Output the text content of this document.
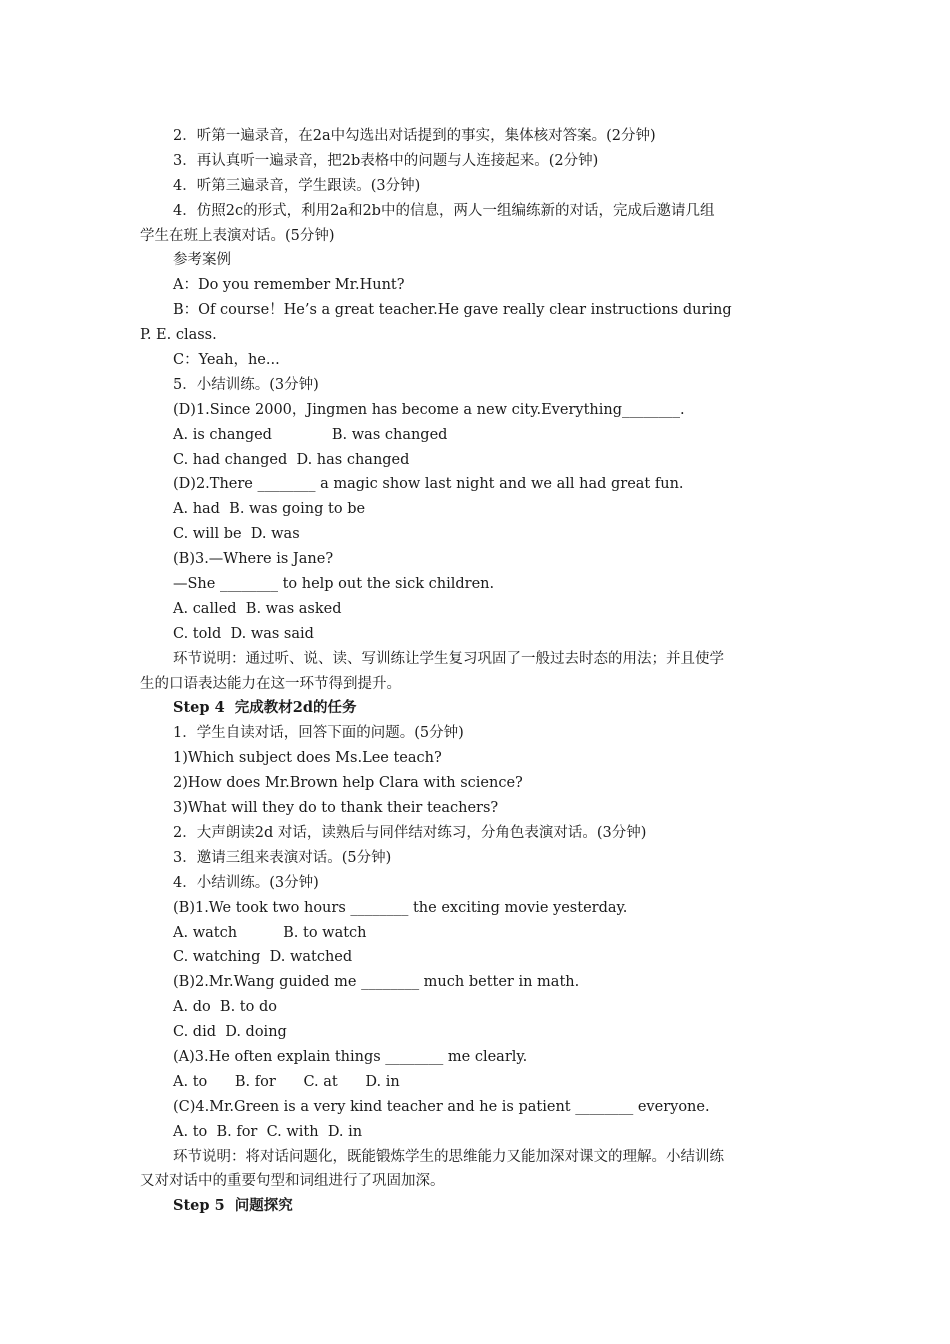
2．听第一遍录音，在2a中勾选出对话提到的事实，集体核对答案。(2分钟)
3．再认真听一遍录音，把2b表格中的问题与人连接起来。(2分钟)
4．听第三遍录音，学生跟读。(3分钟)
4．仿照2c的形式，利用2a和2b中的信息，两人一组编练新的对话，完成后邀请几组
学生在班上表演对话。(5分钟)
参考案例
A：Do you remember Mr.Hunt?
B：Of course！He’s a great teacher.He gave really clear instructions during
P. E. class.
C：Yeah，he...
5．小结训练。(3分钟)
(D)1.Since 2000，Jingmen has become a new city.Everything________.
A. is changed             B. was changed
C. had changed  D. has changed
(D)2.There ________ a magic show last night and we all had great fun.
A. had  B. was going to be
C. will be  D. was
(B)3.—Where is Jane?
—She ________ to help out the sick children.
A. called  B. was asked
C. told  D. was said
环节说明：通过听、说、读、写训练让学生复习巩固了一般过去时态的用法；并且使学
生的口语表达能力在这一环节得到提升。
Step 4  完成教材2d的任务
1．学生自读对话，回答下面的问题。(5分钟)
1)Which subject does Ms.Lee teach?
2)How does Mr.Brown help Clara with science?
3)What will they do to thank their teachers?
2．大声朗读2d 对话，读熟后与同伴结对练习，分角色表演对话。(3分钟)
3．邀请三组来表演对话。(5分钟)
4．小结训练。(3分钟)
(B)1.We took two hours ________ the exciting movie yesterday.
A. watch          B. to watch
C. watching  D. watched
(B)2.Mr.Wang guided me ________ much better in math.
A. do  B. to do
C. did  D. doing
(A)3.He often explain things ________ me clearly.
A. to      B. for      C. at      D. in
(C)4.Mr.Green is a very kind teacher and he is patient ________ everyone.
A. to  B. for  C. with  D. in
环节说明：将对话问题化，既能锻炼学生的思维能力又能加深对课文的理解。小结训练
又对对话中的重要句型和词组进行了巩固加深。
Step 5  问题探究
